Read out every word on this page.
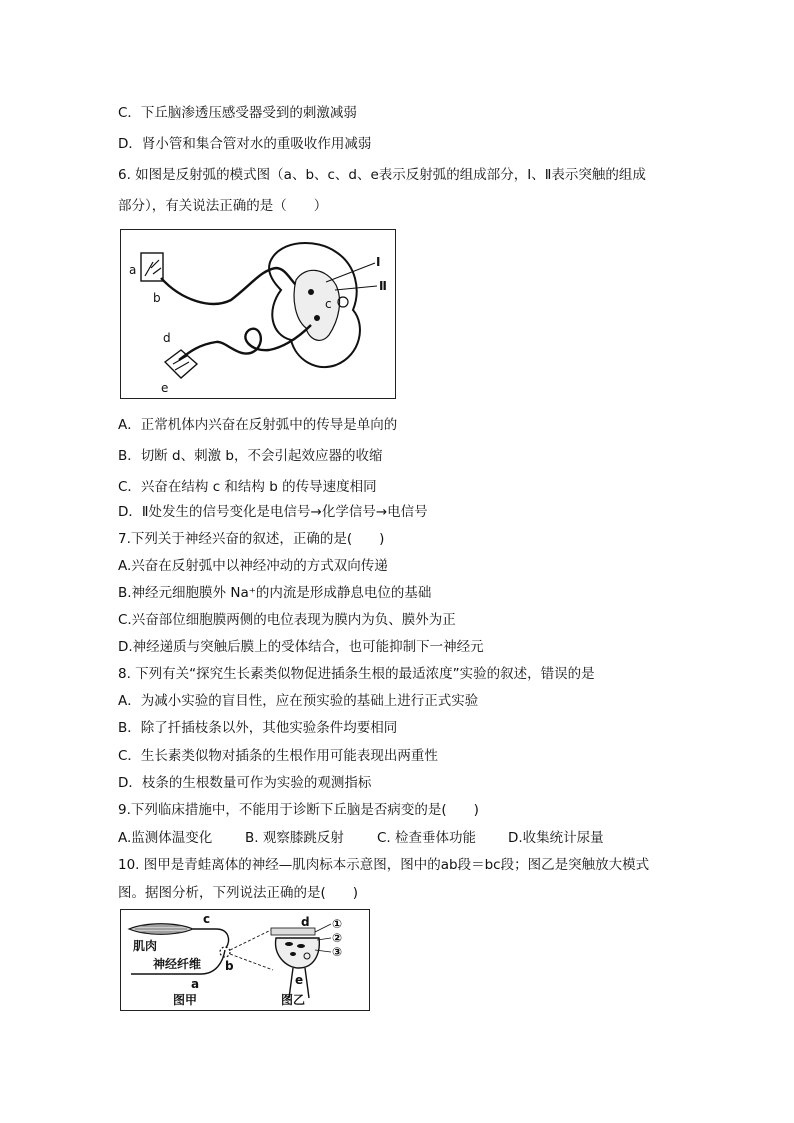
C．下丘脑渗透压感受器受到的刺激减弱
D．肾小管和集合管对水的重吸收作用减弱
6. 如图是反射弧的模式图（a、b、c、d、e表示反射弧的组成部分，Ⅰ、Ⅱ表示突触的组成
部分），有关说法正确的是（　　）
a
b	c
Ⅰ
Ⅱ
d
e
A．正常机体内兴奋在反射弧中的传导是单向的
B．切断 d、刺激 b，不会引起效应器的收缩
C．兴奋在结构 c 和结构 b 的传导速度相同
D．Ⅱ处发生的信号变化是电信号→化学信号→电信号
7.下列关于神经兴奋的叙述，正确的是(　　)
A.兴奋在反射弧中以神经冲动的方式双向传递
B.神经元细胞膜外 Na⁺的内流是形成静息电位的基础
C.兴奋部位细胞膜两侧的电位表现为膜内为负、膜外为正
D.神经递质与突触后膜上的受体结合，也可能抑制下一神经元
8. 下列有关“探究生长素类似物促进插条生根的最适浓度”实验的叙述，错误的是
A．为减小实验的盲目性，应在预实验的基础上进行正式实验
B．除了扦插枝条以外，其他实验条件均要相同
C．生长素类似物对插条的生根作用可能表现出两重性
D．枝条的生根数量可作为实验的观测指标
9.下列临床措施中，不能用于诊断下丘脑是否病变的是(　　)
A.监测体温变化 B. 观察膝跳反射 C. 检查垂体功能 D.收集统计尿量
10. 图甲是青蛙离体的神经—肌肉标本示意图，图中的ab段＝bc段；图乙是突触放大模式
图。据图分析，下列说法正确的是(　　)
肌肉
c
神经纤维
a
b
图甲
d
e
①
②
③
图乙
